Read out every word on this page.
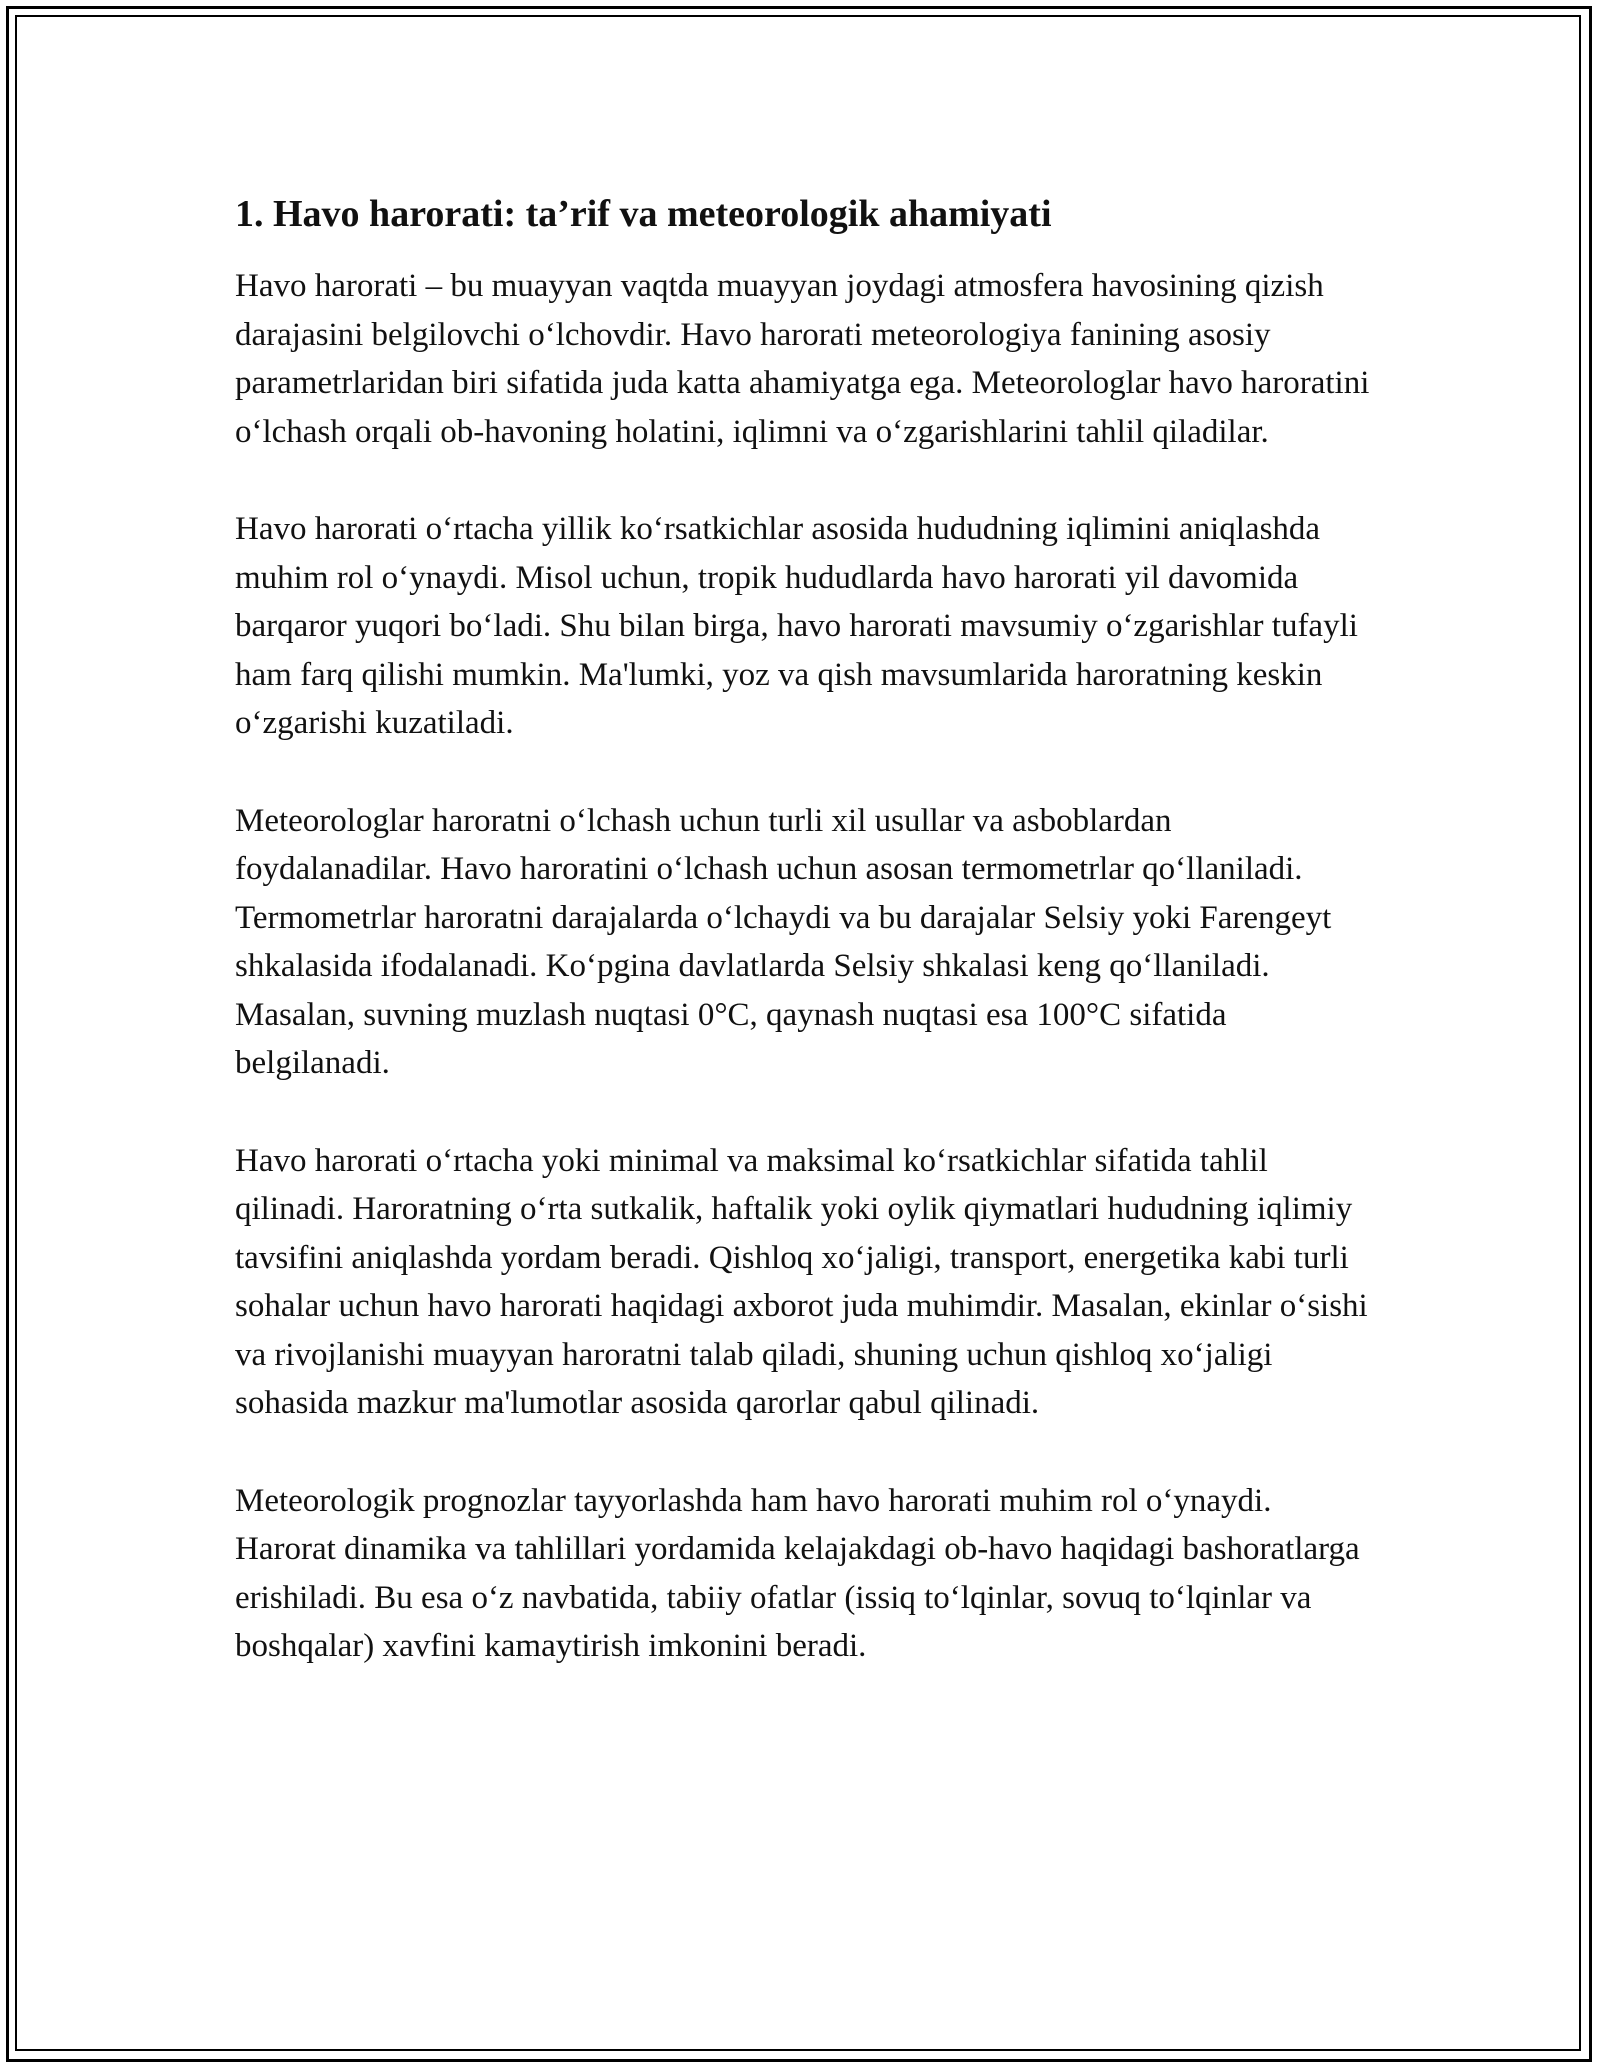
1. Havo harorati: ta’rif va meteorologik ahamiyati

Havo harorati – bu muayyan vaqtda muayyan joydagi atmosfera havosining qizish darajasini belgilovchi o‘lchovdir. Havo harorati meteorologiya fanining asosiy parametrlaridan biri sifatida juda katta ahamiyatga ega. Meteorologlar havo haroratini o‘lchash orqali ob-havoning holatini, iqlimni va o‘zgarishlarini tahlil qiladilar.

Havo harorati o‘rtacha yillik ko‘rsatkichlar asosida hududning iqlimini aniqlashda muhim rol o‘ynaydi. Misol uchun, tropik hududlarda havo harorati yil davomida barqaror yuqori bo‘ladi. Shu bilan birga, havo harorati mavsumiy o‘zgarishlar tufayli ham farq qilishi mumkin. Ma'lumki, yoz va qish mavsumlarida haroratning keskin o‘zgarishi kuzatiladi.

Meteorologlar haroratni o‘lchash uchun turli xil usullar va asboblardan foydalanadilar. Havo haroratini o‘lchash uchun asosan termometrlar qo‘llaniladi. Termometrlar haroratni darajalarda o‘lchaydi va bu darajalar Selsiy yoki Farengeyt shkalasida ifodalanadi. Ko‘pgina davlatlarda Selsiy shkalasi keng qo‘llaniladi. Masalan, suvning muzlash nuqtasi 0°C, qaynash nuqtasi esa 100°C sifatida belgilanadi.

Havo harorati o‘rtacha yoki minimal va maksimal ko‘rsatkichlar sifatida tahlil qilinadi. Haroratning o‘rta sutkalik, haftalik yoki oylik qiymatlari hududning iqlimiy tavsifini aniqlashda yordam beradi. Qishloq xo‘jaligi, transport, energetika kabi turli sohalar uchun havo harorati haqidagi axborot juda muhimdir. Masalan, ekinlar o‘sishi va rivojlanishi muayyan haroratni talab qiladi, shuning uchun qishloq xo‘jaligi sohasida mazkur ma'lumotlar asosida qarorlar qabul qilinadi.

Meteorologik prognozlar tayyorlashda ham havo harorati muhim rol o‘ynaydi. Harorat dinamika va tahlillari yordamida kelajakdagi ob-havo haqidagi bashoratlarga erishiladi. Bu esa o‘z navbatida, tabiiy ofatlar (issiq to‘lqinlar, sovuq to‘lqinlar va boshqalar) xavfini kamaytirish imkonini beradi.
